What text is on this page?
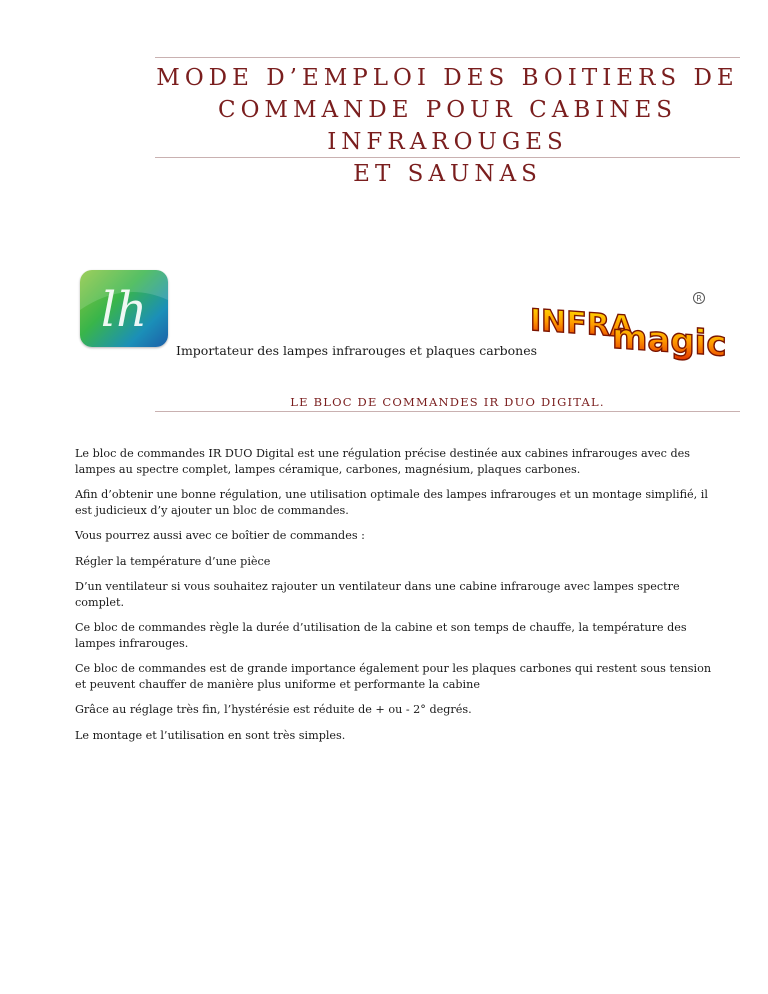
MODE D’EMPLOI DES BOITIERS DE
COMMANDE POUR CABINES INFRAROUGES
ET SAUNAS
lh	INFRA
magic
R
Importateur des lampes infrarouges et plaques carbones
LE BLOC DE COMMANDES IR DUO DIGITAL.

Le bloc de commandes IR DUO Digital est une régulation précise destinée aux cabines infrarouges avec des lampes au spectre complet, lampes céramique, carbones, magnésium, plaques carbones.

Afin d’obtenir une bonne régulation, une utilisation optimale des lampes infrarouges et un montage simplifié, il est judicieux d’y ajouter un bloc de commandes.

Vous pourrez aussi avec ce boîtier de commandes :

Régler la température d’une pièce

D’un ventilateur si vous souhaitez rajouter un ventilateur dans une cabine infrarouge avec lampes spectre complet.

Ce bloc de commandes règle la durée d’utilisation de la cabine et son temps de chauffe, la température des lampes infrarouges.

Ce bloc de commandes est de grande importance également pour les plaques carbones qui restent sous tension et peuvent chauffer de manière plus uniforme et performante la cabine

Grâce au réglage très fin, l’hystérésie est réduite de + ou - 2° degrés.

Le montage et l’utilisation en sont très simples.
